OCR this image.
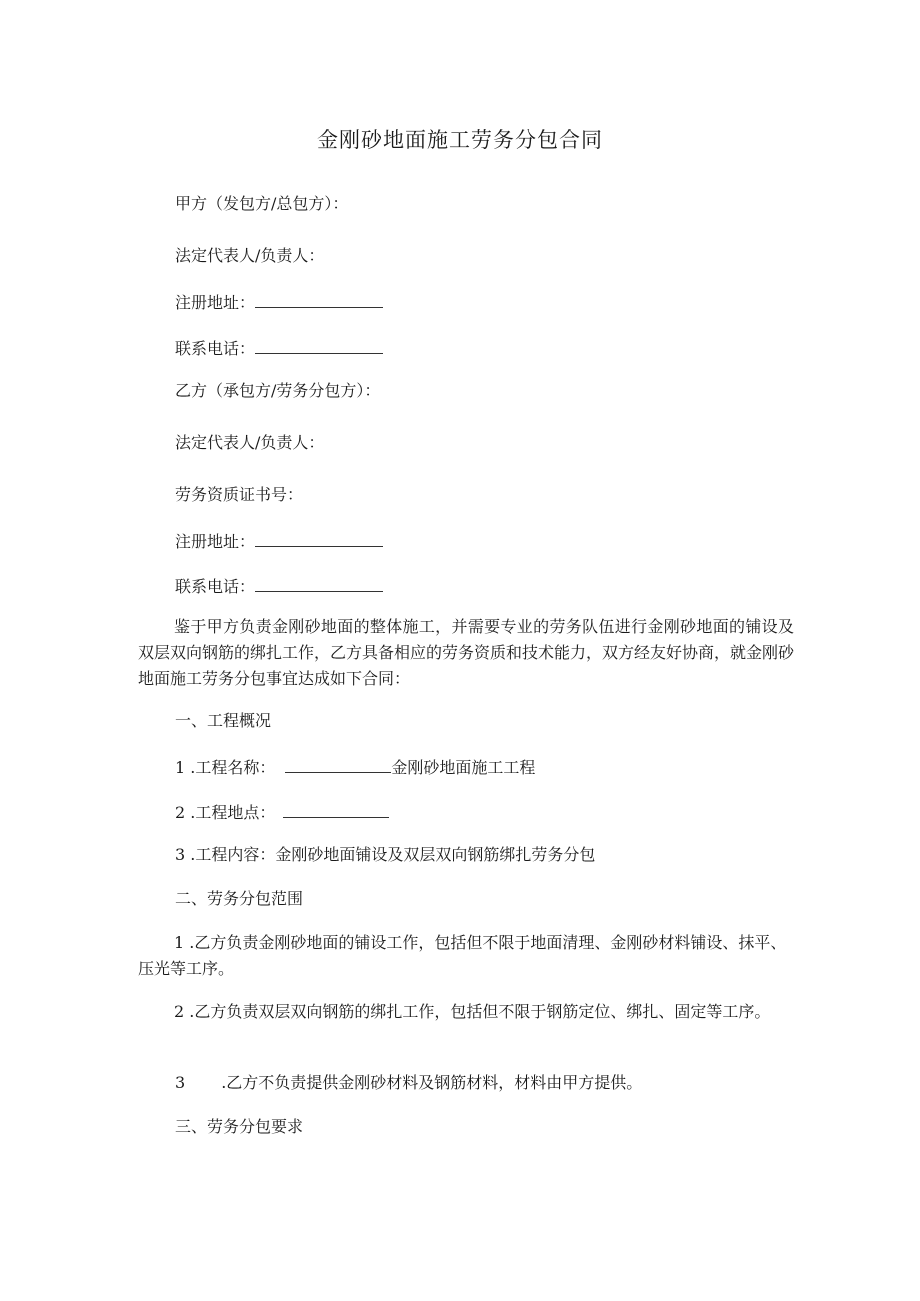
金刚砂地面施工劳务分包合同
甲方（发包方/总包方）：
法定代表人/负责人：
注册地址：
联系电话：
乙方（承包方/劳务分包方）：
法定代表人/负责人：
劳务资质证书号：
注册地址：
联系电话：

鉴于甲方负责金刚砂地面的整体施工，并需要专业的劳务队伍进行金刚砂地面的铺设及双层双向钢筋的绑扎工作，乙方具备相应的劳务资质和技术能力，双方经友好协商，就金刚砂地面施工劳务分包事宜达成如下合同：

一、工程概况
1 .工程名称：	金刚砂地面施工工程
2 .工程地点：
3 .工程内容：金刚砂地面铺设及双层双向钢筋绑扎劳务分包
二、劳务分包范围

1 .乙方负责金刚砂地面的铺设工作，包括但不限于地面清理、金刚砂材料铺设、抹平、压光等工序。

2 .乙方负责双层双向钢筋的绑扎工作，包括但不限于钢筋定位、绑扎、固定等工序。

3 .乙方不负责提供金刚砂材料及钢筋材料，材料由甲方提供。
三、劳务分包要求
